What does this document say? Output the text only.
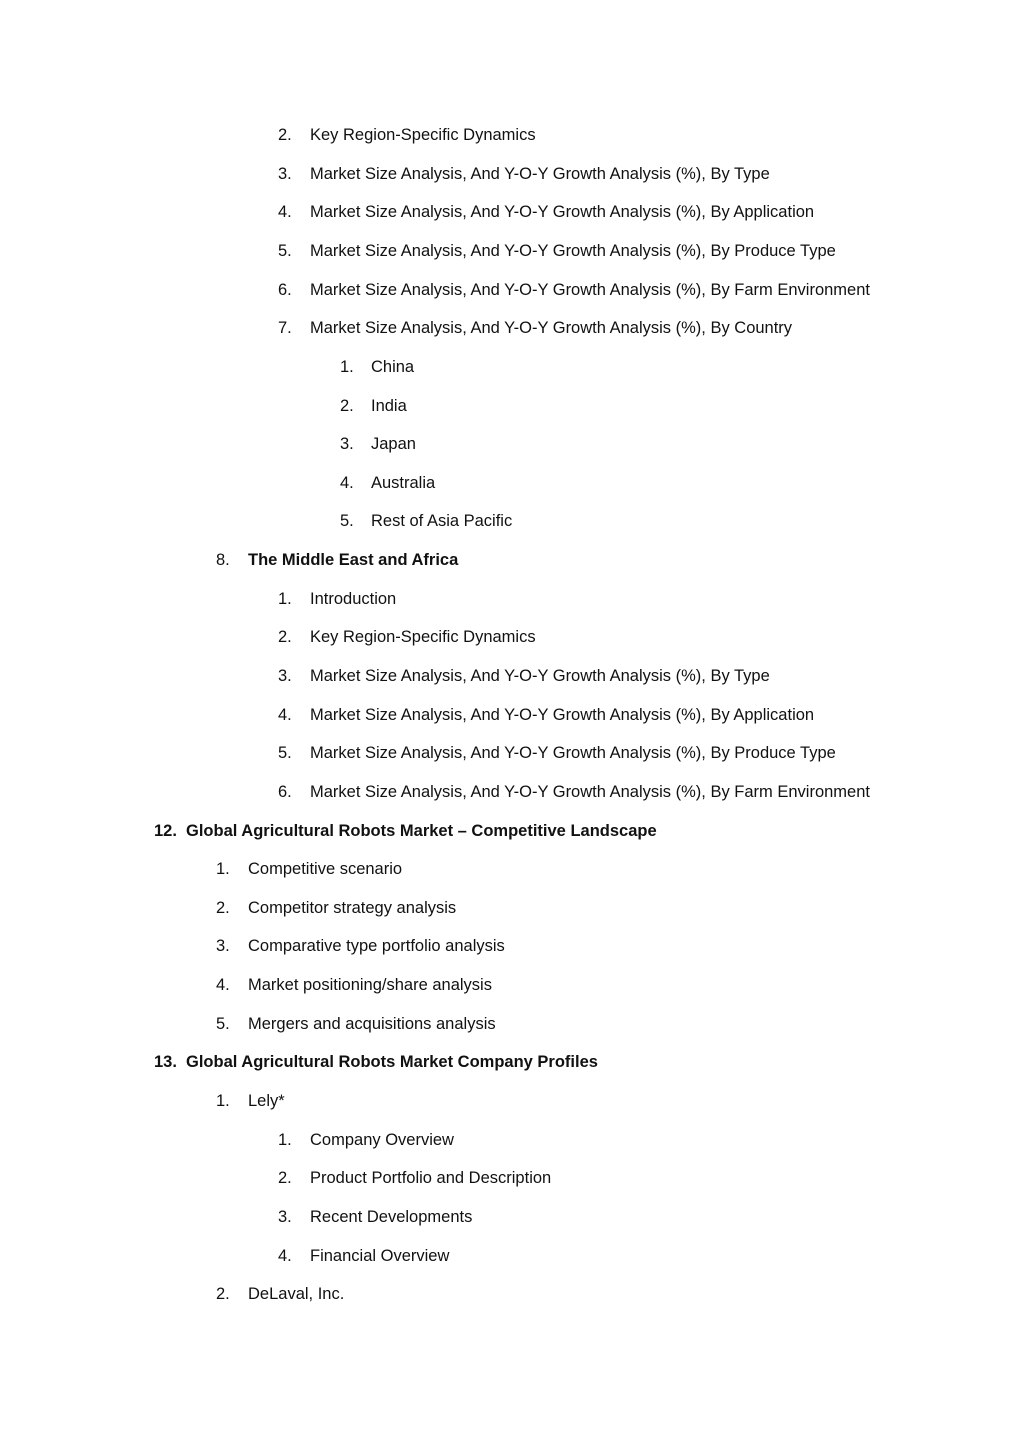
2. Key Region-Specific Dynamics
3. Market Size Analysis, And Y-O-Y Growth Analysis (%), By Type
4. Market Size Analysis, And Y-O-Y Growth Analysis (%), By Application
5. Market Size Analysis, And Y-O-Y Growth Analysis (%), By Produce Type
6. Market Size Analysis, And Y-O-Y Growth Analysis (%), By Farm Environment
7. Market Size Analysis, And Y-O-Y Growth Analysis (%), By Country
1. China
2. India
3. Japan
4. Australia
5. Rest of Asia Pacific
8. The Middle East and Africa
1. Introduction
2. Key Region-Specific Dynamics
3. Market Size Analysis, And Y-O-Y Growth Analysis (%), By Type
4. Market Size Analysis, And Y-O-Y Growth Analysis (%), By Application
5. Market Size Analysis, And Y-O-Y Growth Analysis (%), By Produce Type
6. Market Size Analysis, And Y-O-Y Growth Analysis (%), By Farm Environment
12. Global Agricultural Robots Market – Competitive Landscape
1. Competitive scenario
2. Competitor strategy analysis
3. Comparative type portfolio analysis
4. Market positioning/share analysis
5. Mergers and acquisitions analysis
13. Global Agricultural Robots Market Company Profiles
1. Lely*
1. Company Overview
2. Product Portfolio and Description
3. Recent Developments
4. Financial Overview
2. DeLaval, Inc.
